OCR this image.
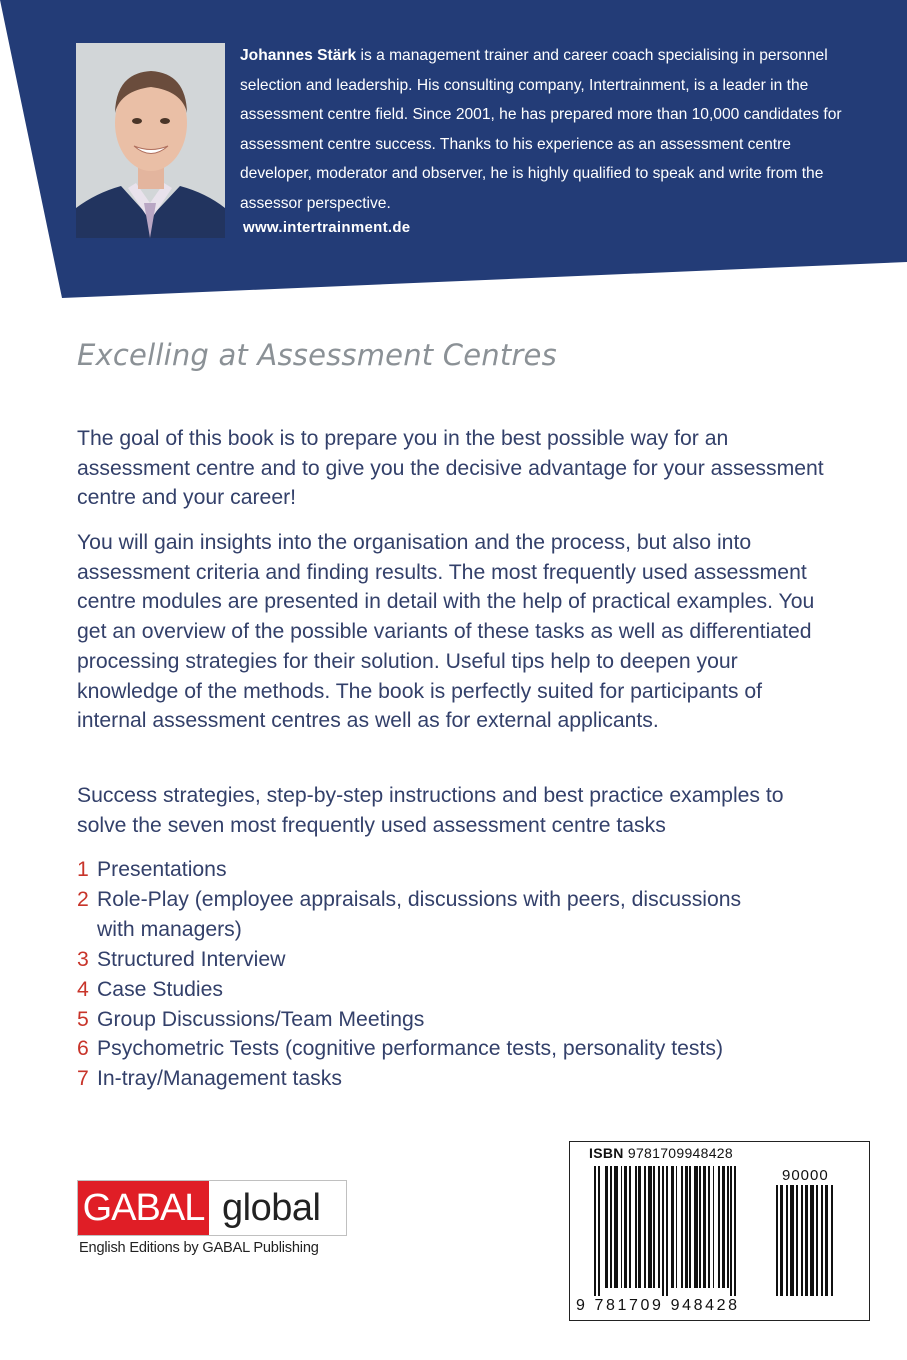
Johannes Stärk is a management trainer and career coach specialising in personnel selection and leadership. His consulting company, Intertrainment, is a leader in the assessment centre field. Since 2001, he has prepared more than 10,000 candidates for assessment centre success. Thanks to his experience as an assessment centre developer, moderator and observer, he is highly qualified to speak and write from the assessor perspective.
www.intertrainment.de
Excelling at Assessment Centres

The goal of this book is to prepare you in the best possible way for an assessment centre and to give you the decisive advantage for your assessment centre and your career!

You will gain insights into the organisation and the process, but also into assessment criteria and finding results. The most frequently used assessment centre modules are presented in detail with the help of practical examples. You get an overview of the possible variants of these tasks as well as differentiated processing strategies for their solution. Useful tips help to deepen your knowledge of the methods. The book is perfectly suited for participants of internal assessment centres as well as for external applicants.

Success strategies, step-by-step instructions and best practice examples to solve the seven most frequently used assessment centre tasks

1 Presentations
2 Role-Play (employee appraisals, discussions with peers, discussions with managers)
3 Structured Interview
4 Case Studies
5 Group Discussions/Team Meetings
6 Psychometric Tests (cognitive performance tests, personality tests)
7 In-tray/Management tasks
GABAL global
English Editions by GABAL Publishing
ISBN 9781709948428
90000
9 781709 948428
